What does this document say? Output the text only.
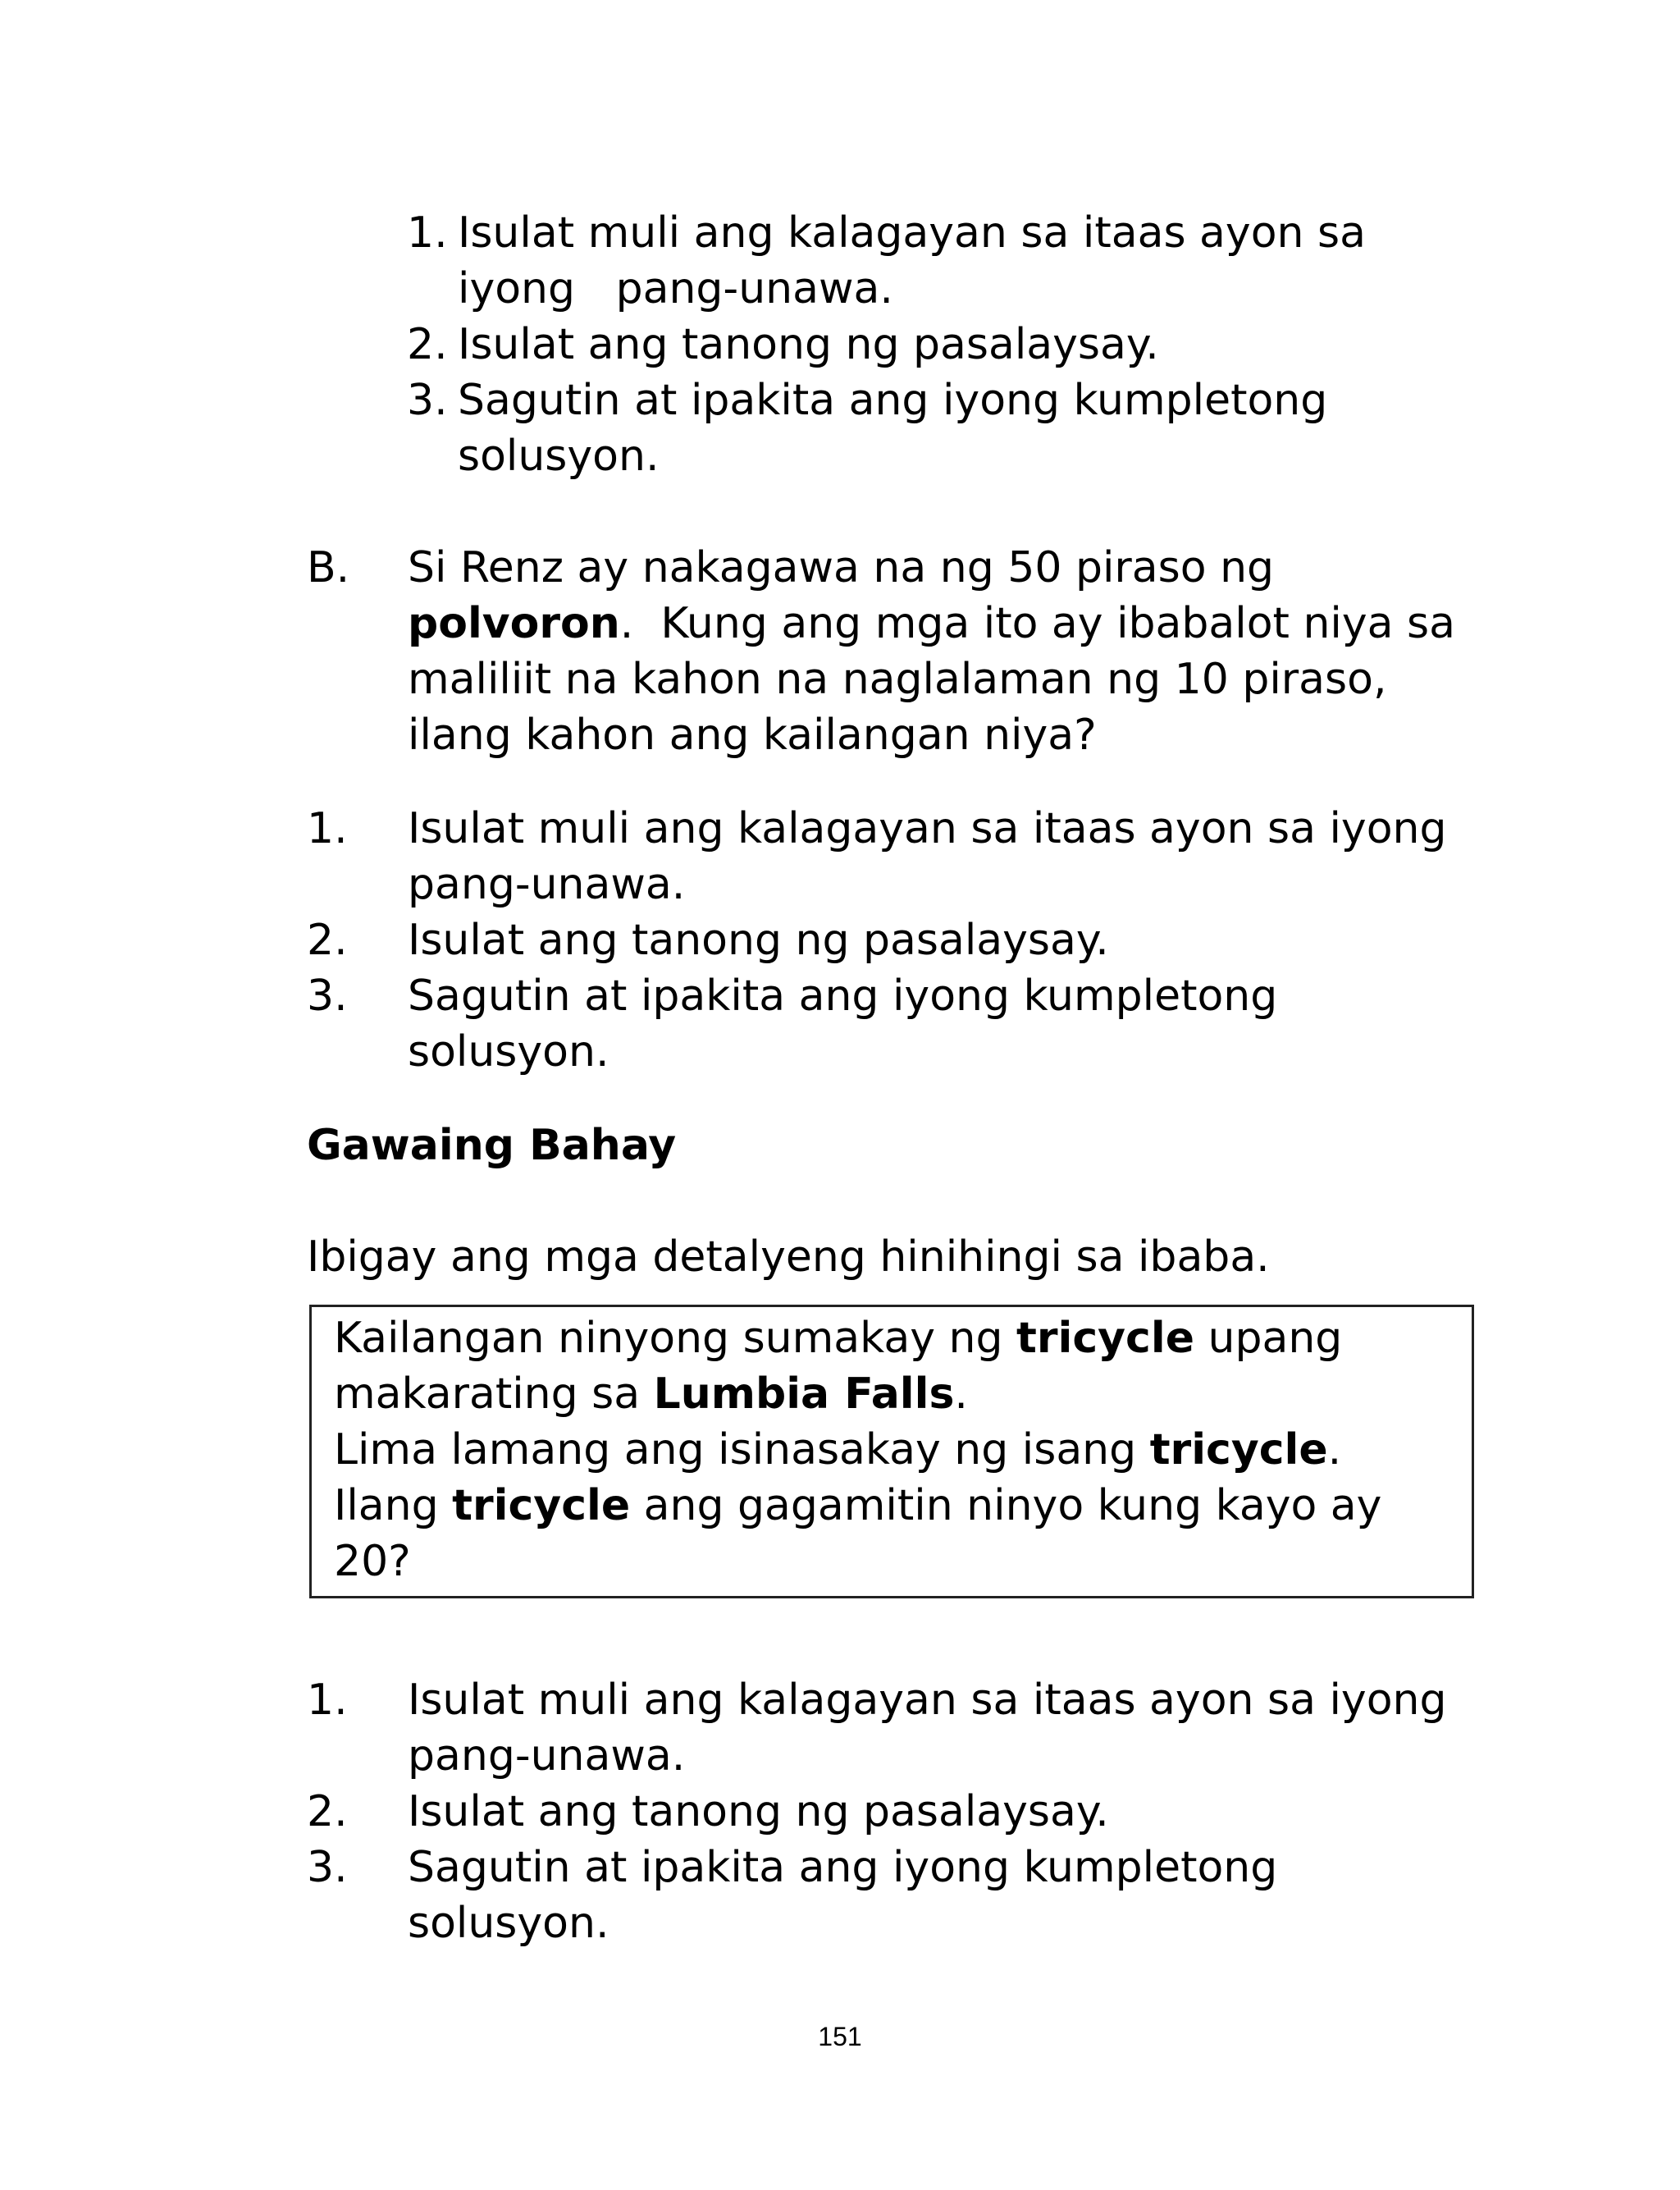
1. Isulat muli ang kalagayan sa itaas ayon sa
iyong   pang-unawa.
2. Isulat ang tanong ng pasalaysay.
3. Sagutin at ipakita ang iyong kumpletong
solusyon.
B. Si Renz ay nakagawa na ng 50 piraso ng
polvoron.  Kung ang mga ito ay ibabalot niya sa
maliliit na kahon na naglalaman ng 10 piraso,
ilang kahon ang kailangan niya?
1. Isulat muli ang kalagayan sa itaas ayon sa iyong
pang-unawa.
2. Isulat ang tanong ng pasalaysay.
3. Sagutin at ipakita ang iyong kumpletong
solusyon.
Gawaing Bahay
Ibigay ang mga detalyeng hinihingi sa ibaba.
Kailangan ninyong sumakay ng tricycle upang
makarating sa Lumbia Falls.
Lima lamang ang isinasakay ng isang tricycle.
Ilang tricycle ang gagamitin ninyo kung kayo ay
20?
1. Isulat muli ang kalagayan sa itaas ayon sa iyong
pang-unawa.
2. Isulat ang tanong ng pasalaysay.
3. Sagutin at ipakita ang iyong kumpletong
solusyon.
151
